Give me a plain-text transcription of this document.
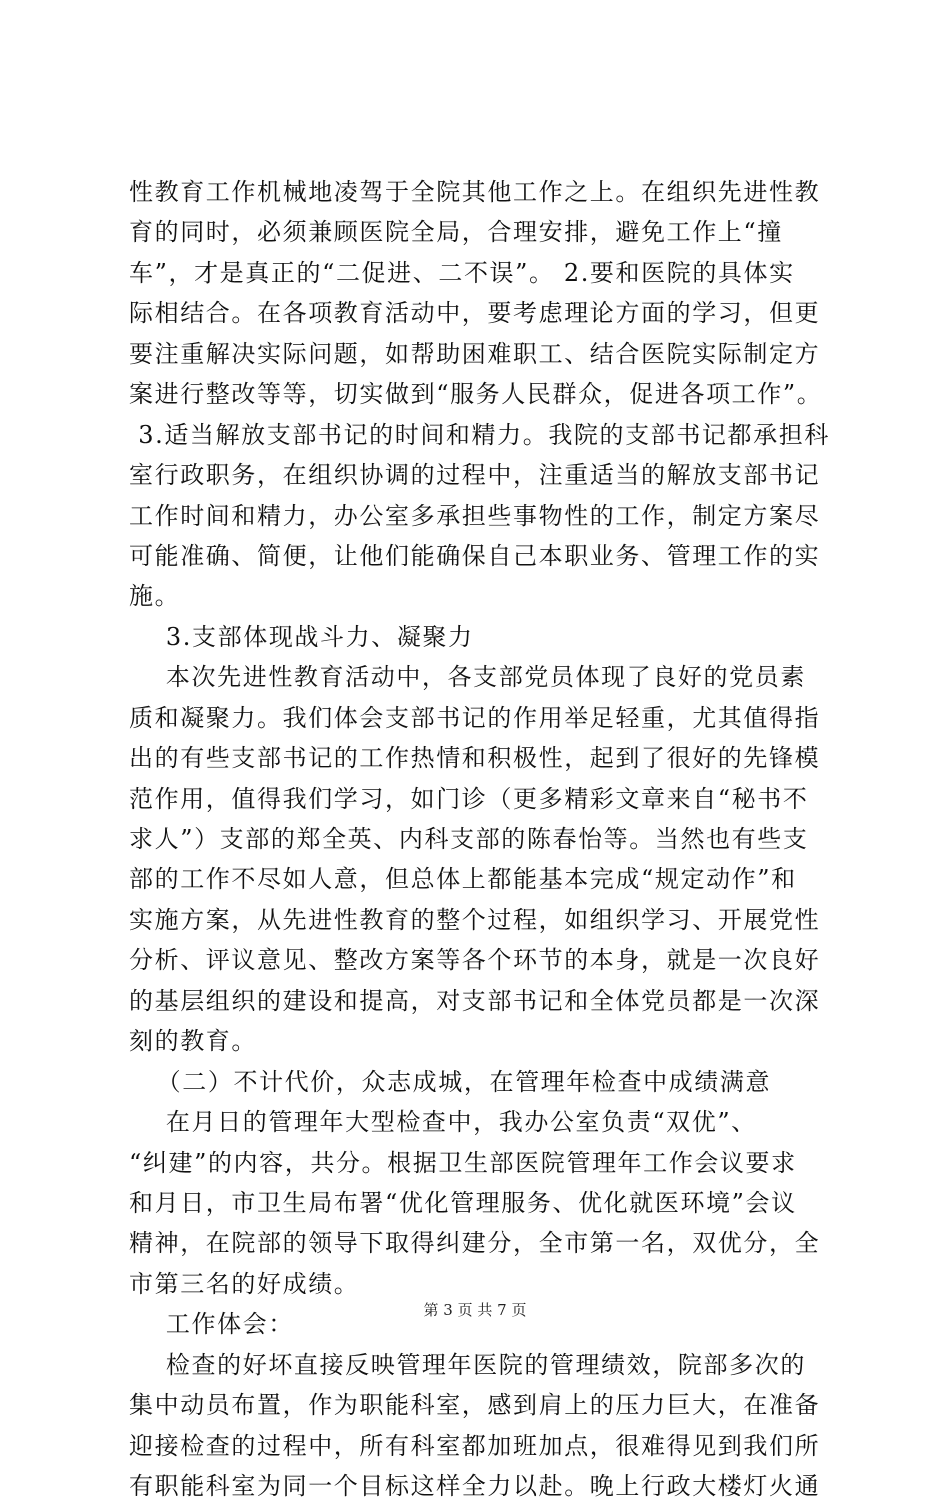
性教育工作机械地凌驾于全院其他工作之上。在组织先进性教
育的同时，必须兼顾医院全局，合理安排，避免工作上“撞
车”，才是真正的“二促进、二不误”。 2.要和医院的具体实
际相结合。在各项教育活动中，要考虑理论方面的学习，但更
要注重解决实际问题，如帮助困难职工、结合医院实际制定方
案进行整改等等，切实做到“服务人民群众，促进各项工作”。
3.适当解放支部书记的时间和精力。我院的支部书记都承担科
室行政职务，在组织协调的过程中，注重适当的解放支部书记
工作时间和精力，办公室多承担些事物性的工作，制定方案尽
可能准确、简便，让他们能确保自己本职业务、管理工作的实
施。
3.支部体现战斗力、凝聚力
本次先进性教育活动中，各支部党员体现了良好的党员素
质和凝聚力。我们体会支部书记的作用举足轻重，尤其值得指
出的有些支部书记的工作热情和积极性，起到了很好的先锋模
范作用，值得我们学习，如门诊（更多精彩文章来自“秘书不
求人”）支部的郑全英、内科支部的陈春怡等。当然也有些支
部的工作不尽如人意，但总体上都能基本完成“规定动作”和
实施方案，从先进性教育的整个过程，如组织学习、开展党性
分析、评议意见、整改方案等各个环节的本身，就是一次良好
的基层组织的建设和提高，对支部书记和全体党员都是一次深
刻的教育。
（二）不计代价，众志成城，在管理年检查中成绩满意
在月日的管理年大型检查中，我办公室负责“双优”、
“纠建”的内容，共分。根据卫生部医院管理年工作会议要求
和月日，市卫生局布署“优化管理服务、优化就医环境”会议
精神，在院部的领导下取得纠建分，全市第一名，双优分，全
市第三名的好成绩。
工作体会：
检查的好坏直接反映管理年医院的管理绩效，院部多次的
集中动员布置，作为职能科室，感到肩上的压力巨大，在准备
迎接检查的过程中，所有科室都加班加点，很难得见到我们所
有职能科室为同一个目标这样全力以赴。晚上行政大楼灯火通
第 3 页 共 7 页
